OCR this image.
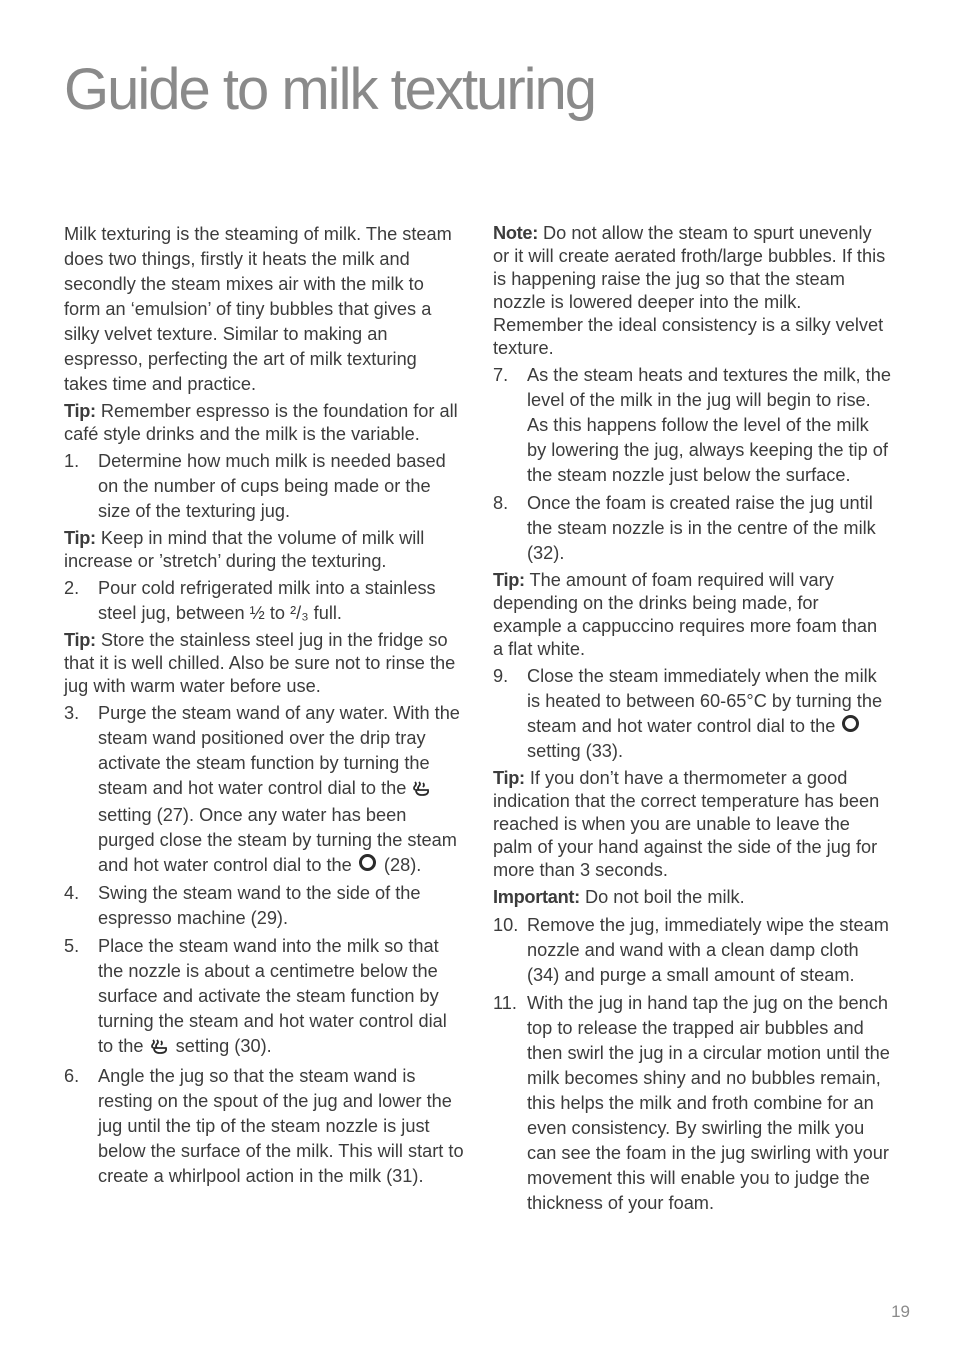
Guide to milk texturing

Milk texturing is the steaming of milk. The steam does two things, firstly it heats the milk and secondly the steam mixes air with the milk to form an ‘emulsion’ of tiny bubbles that gives a silky velvet texture. Similar to making an espresso, perfecting the art of milk texturing takes time and practice.

Tip: Remember espresso is the foundation for all café style drinks and the milk is the variable.

1. Determine how much milk is needed based on the number of cups being made or the size of the texturing jug.

Tip: Keep in mind that the volume of milk will increase or ’stretch’ during the texturing.

2. Pour cold refrigerated milk into a stainless steel jug, between ½ to ²/₃ full.

Tip: Store the stainless steel jug in the fridge so that it is well chilled. Also be sure not to rinse the jug with warm water before use.

3. Purge the steam wand of any water. With the steam wand positioned over the drip tray activate the steam function by turning the steam and hot water control dial to the  setting (27). Once any water has been purged close the steam by turning the steam and hot water control dial to the (28).
4. Swing the steam wand to the side of the espresso machine (29).
5. Place the steam wand into the milk so that the nozzle is about a centimetre below the surface and activate the steam function by turning the steam and hot water control dial to the setting (30).
6. Angle the jug so that the steam wand is resting on the spout of the jug and lower the jug until the tip of the steam nozzle is just below the surface of the milk. This will start to create a whirlpool action in the milk (31).

Note: Do not allow the steam to spurt unevenly or it will create aerated froth/large bubbles. If this is happening raise the jug so that the steam nozzle is lowered deeper into the milk. Remember the ideal consistency is a silky velvet texture.

7. As the steam heats and textures the milk, the level of the milk in the jug will begin to rise. As this happens follow the level of the milk by lowering the jug, always keeping the tip of the steam nozzle just below the surface.
8. Once the foam is created raise the jug until the steam nozzle is in the centre of the milk (32).

Tip: The amount of foam required will vary depending on the drinks being made, for example a cappuccino requires more foam than a flat white.

9. Close the steam immediately when the milk is heated to between 60-65°C by turning the steam and hot water control dial to the  setting (33).

Tip: If you don’t have a thermometer a good indication that the correct temperature has been reached is when you are unable to leave the palm of your hand against the side of the jug for more than 3 seconds.

Important: Do not boil the milk.

10. Remove the jug, immediately wipe the steam nozzle and wand with a clean damp cloth (34) and purge a small amount of steam.
11. With the jug in hand tap the jug on the bench top to release the trapped air bubbles and then swirl the jug in a circular motion until the milk becomes shiny and no bubbles remain, this helps the milk and froth combine for an even consistency. By swirling the milk you can see the foam in the jug swirling with your movement this will enable you to judge the thickness of your foam.
19
